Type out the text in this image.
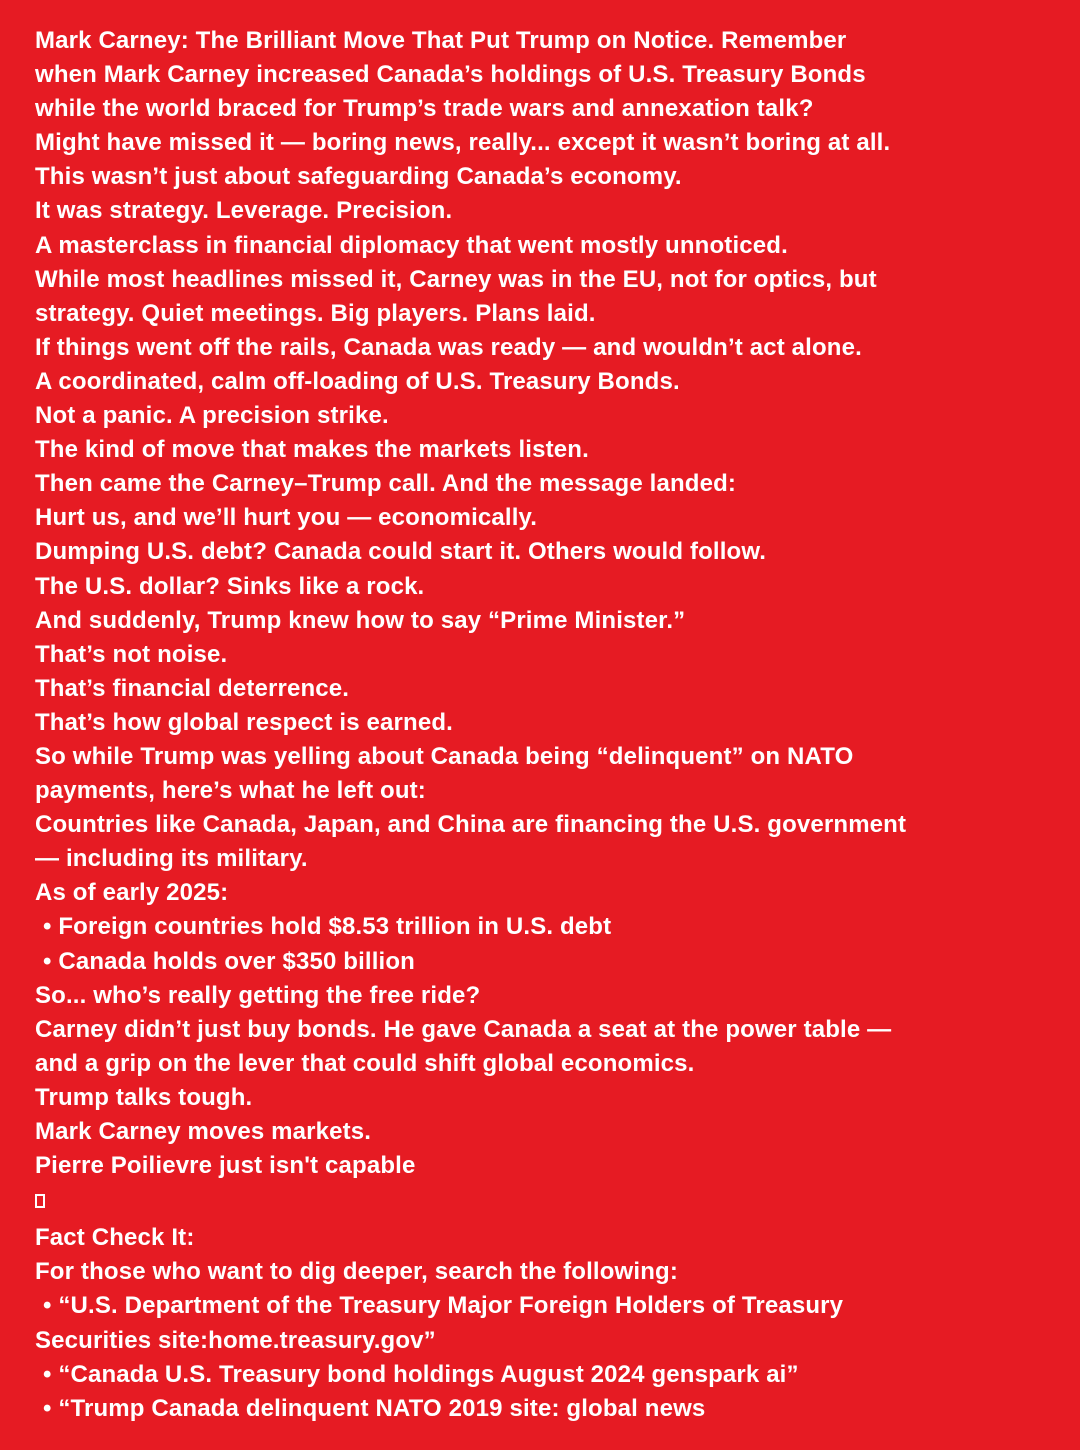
Mark Carney: The Brilliant Move That Put Trump on Notice. Remember
when Mark Carney increased Canada’s holdings of U.S. Treasury Bonds
while the world braced for Trump’s trade wars and annexation talk?
Might have missed it — boring news, really... except it wasn’t boring at all.
This wasn’t just about safeguarding Canada’s economy.
It was strategy. Leverage. Precision.
A masterclass in financial diplomacy that went mostly unnoticed.
While most headlines missed it, Carney was in the EU, not for optics, but
strategy. Quiet meetings. Big players. Plans laid.
If things went off the rails, Canada was ready — and wouldn’t act alone.
A coordinated, calm off-loading of U.S. Treasury Bonds.
Not a panic. A precision strike.
The kind of move that makes the markets listen.
Then came the Carney–Trump call. And the message landed:
Hurt us, and we’ll hurt you — economically.
Dumping U.S. debt? Canada could start it. Others would follow.
The U.S. dollar? Sinks like a rock.
And suddenly, Trump knew how to say “Prime Minister.”
That’s not noise.
That’s financial deterrence.
That’s how global respect is earned.
So while Trump was yelling about Canada being “delinquent” on NATO
payments, here’s what he left out:
Countries like Canada, Japan, and China are financing the U.S. government
— including its military.
As of early 2025:
• Foreign countries hold $8.53 trillion in U.S. debt
• Canada holds over $350 billion
So... who’s really getting the free ride?
Carney didn’t just buy bonds. He gave Canada a seat at the power table —
and a grip on the lever that could shift global economics.
Trump talks tough.
Mark Carney moves markets.
Pierre Poilievre just isn't capable
Fact Check It:
For those who want to dig deeper, search the following:
• “U.S. Department of the Treasury Major Foreign Holders of Treasury
Securities site:home.treasury.gov”
• “Canada U.S. Treasury bond holdings August 2024 genspark ai”
• “Trump Canada delinquent NATO 2019 site: global news
